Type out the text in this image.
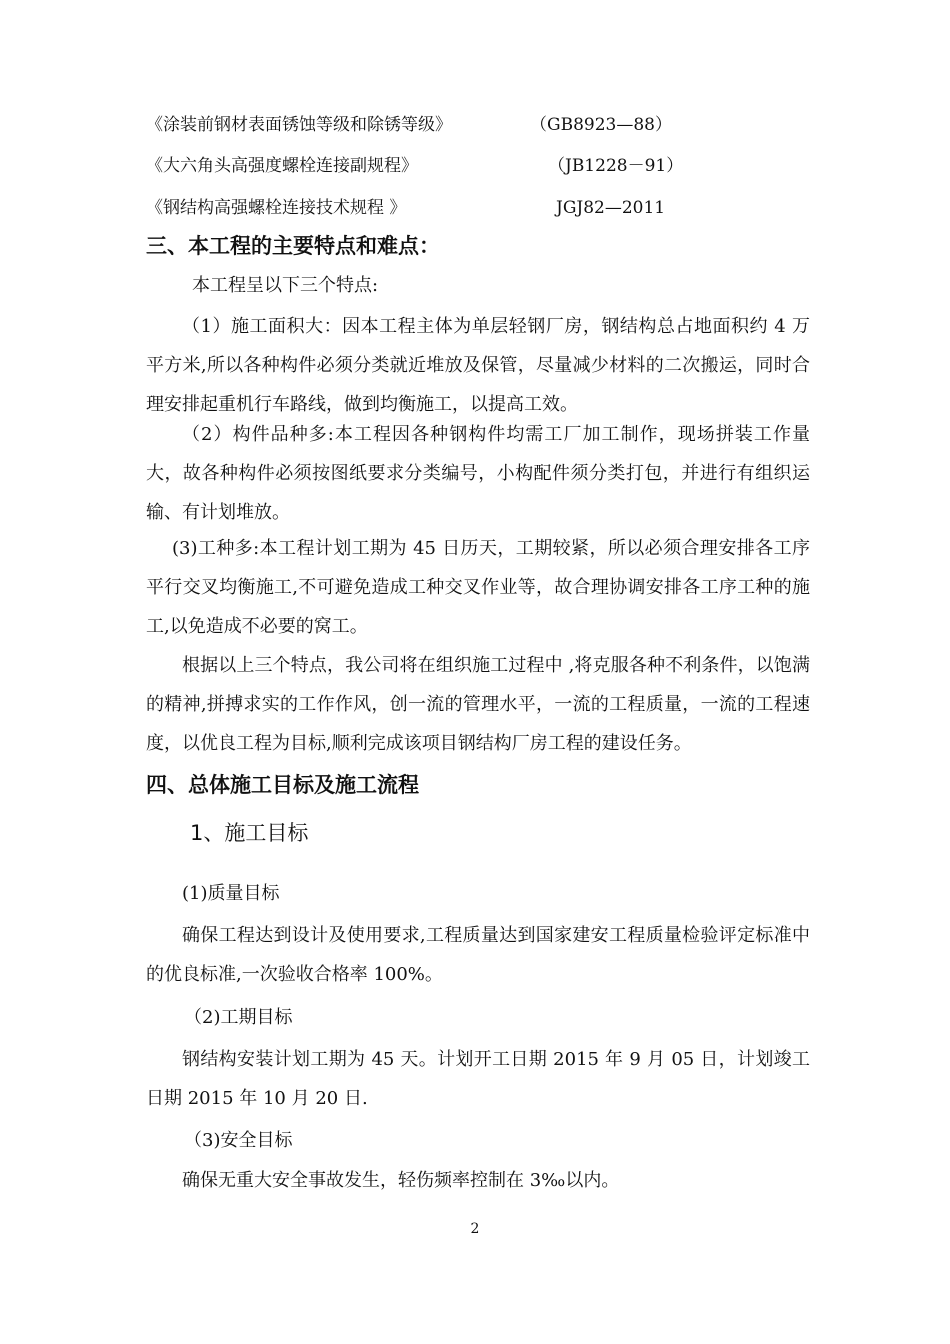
《涂装前钢材表面锈蚀等级和除锈等级》	（GB8923—88）
《大六角头高强度螺栓连接副规程》	（JB1228－91）
《钢结构高强螺栓连接技术规程 》	JGJ82—2011
三、本工程的主要特点和难点：
本工程呈以下三个特点:

（1）施工面积大：因本工程主体为单层轻钢厂房，钢结构总占地面积约 4 万平方米,所以各种构件必须分类就近堆放及保管，尽量减少材料的二次搬运，同时合理安排起重机行车路线，做到均衡施工，以提高工效。

（2）构件品种多:本工程因各种钢构件均需工厂加工制作，现场拼装工作量大，故各种构件必须按图纸要求分类编号，小构配件须分类打包，并进行有组织运输、有计划堆放。

(3)工种多:本工程计划工期为 45 日历天，工期较紧，所以必须合理安排各工序平行交叉均衡施工,不可避免造成工种交叉作业等，故合理协调安排各工序工种的施工,以免造成不必要的窝工。

根据以上三个特点，我公司将在组织施工过程中 ,将克服各种不利条件，以饱满的精神,拼搏求实的工作作风，创一流的管理水平，一流的工程质量，一流的工程速度，以优良工程为目标,顺利完成该项目钢结构厂房工程的建设任务。

四、总体施工目标及施工流程
1、施工目标
(1)质量目标

确保工程达到设计及使用要求,工程质量达到国家建安工程质量检验评定标准中的优良标准,一次验收合格率 100%。

（2)工期目标

钢结构安装计划工期为 45 天。计划开工日期 2015 年 9 月 05 日，计划竣工日期 2015 年 10 月 20 日.

（3)安全目标
确保无重大安全事故发生，轻伤频率控制在 3‰以内。
2
